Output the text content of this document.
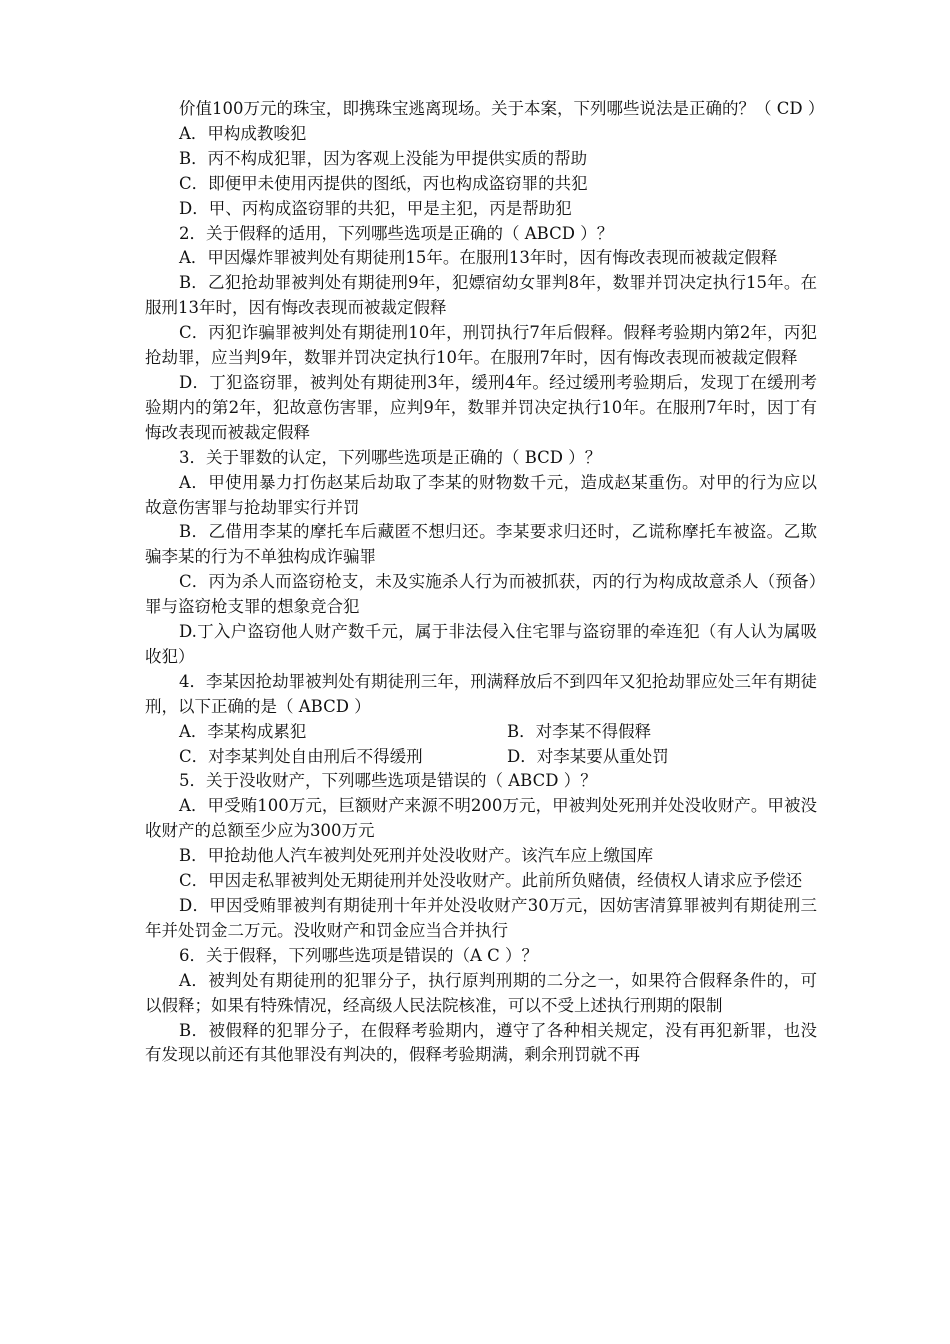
价值100万元的珠宝，即携珠宝逃离现场。关于本案，下列哪些说法是正确的？（ CD ）

A．甲构成教唆犯

B．丙不构成犯罪，因为客观上没能为甲提供实质的帮助

C．即便甲未使用丙提供的图纸，丙也构成盗窃罪的共犯

D．甲、丙构成盗窃罪的共犯，甲是主犯，丙是帮助犯

2．关于假释的适用，下列哪些选项是正确的（ ABCD ）？

A．甲因爆炸罪被判处有期徒刑15年。在服刑13年时，因有悔改表现而被裁定假释

B．乙犯抢劫罪被判处有期徒刑9年，犯嫖宿幼女罪判8年，数罪并罚决定执行15年。在服刑13年时，因有悔改表现而被裁定假释

C．丙犯诈骗罪被判处有期徒刑10年，刑罚执行7年后假释。假释考验期内第2年，丙犯抢劫罪，应当判9年，数罪并罚决定执行10年。在服刑7年时，因有悔改表现而被裁定假释

D．丁犯盗窃罪，被判处有期徒刑3年，缓刑4年。经过缓刑考验期后，发现丁在缓刑考验期内的第2年，犯故意伤害罪，应判9年，数罪并罚决定执行10年。在服刑7年时，因丁有悔改表现而被裁定假释

3．关于罪数的认定，下列哪些选项是正确的（ BCD ）？

A．甲使用暴力打伤赵某后劫取了李某的财物数千元，造成赵某重伤。对甲的行为应以故意伤害罪与抢劫罪实行并罚

B．乙借用李某的摩托车后藏匿不想归还。李某要求归还时，乙谎称摩托车被盗。乙欺骗李某的行为不单独构成诈骗罪

C．丙为杀人而盗窃枪支，未及实施杀人行为而被抓获，丙的行为构成故意杀人（预备）罪与盗窃枪支罪的想象竞合犯

D.丁入户盗窃他人财产数千元，属于非法侵入住宅罪与盗窃罪的牵连犯（有人认为属吸收犯）

4．李某因抢劫罪被判处有期徒刑三年，刑满释放后不到四年又犯抢劫罪应处三年有期徒刑，以下正确的是（ ABCD ）

A．李某构成累犯	B．对李某不得假释
C．对李某判处自由刑后不得缓刑	D．对李某要从重处罚

5．关于没收财产，下列哪些选项是错误的（ ABCD ）？

A．甲受贿100万元，巨额财产来源不明200万元，甲被判处死刑并处没收财产。甲被没收财产的总额至少应为300万元

B．甲抢劫他人汽车被判处死刑并处没收财产。该汽车应上缴国库

C．甲因走私罪被判处无期徒刑并处没收财产。此前所负赌债，经债权人请求应予偿还

D．甲因受贿罪被判有期徒刑十年并处没收财产30万元，因妨害清算罪被判有期徒刑三年并处罚金二万元。没收财产和罚金应当合并执行

6．关于假释，下列哪些选项是错误的（A C ）？

A．被判处有期徒刑的犯罪分子，执行原判刑期的二分之一，如果符合假释条件的，可以假释；如果有特殊情况，经高级人民法院核准，可以不受上述执行刑期的限制

B．被假释的犯罪分子，在假释考验期内，遵守了各种相关规定，没有再犯新罪，也没有发现以前还有其他罪没有判决的，假释考验期满，剩余刑罚就不再
